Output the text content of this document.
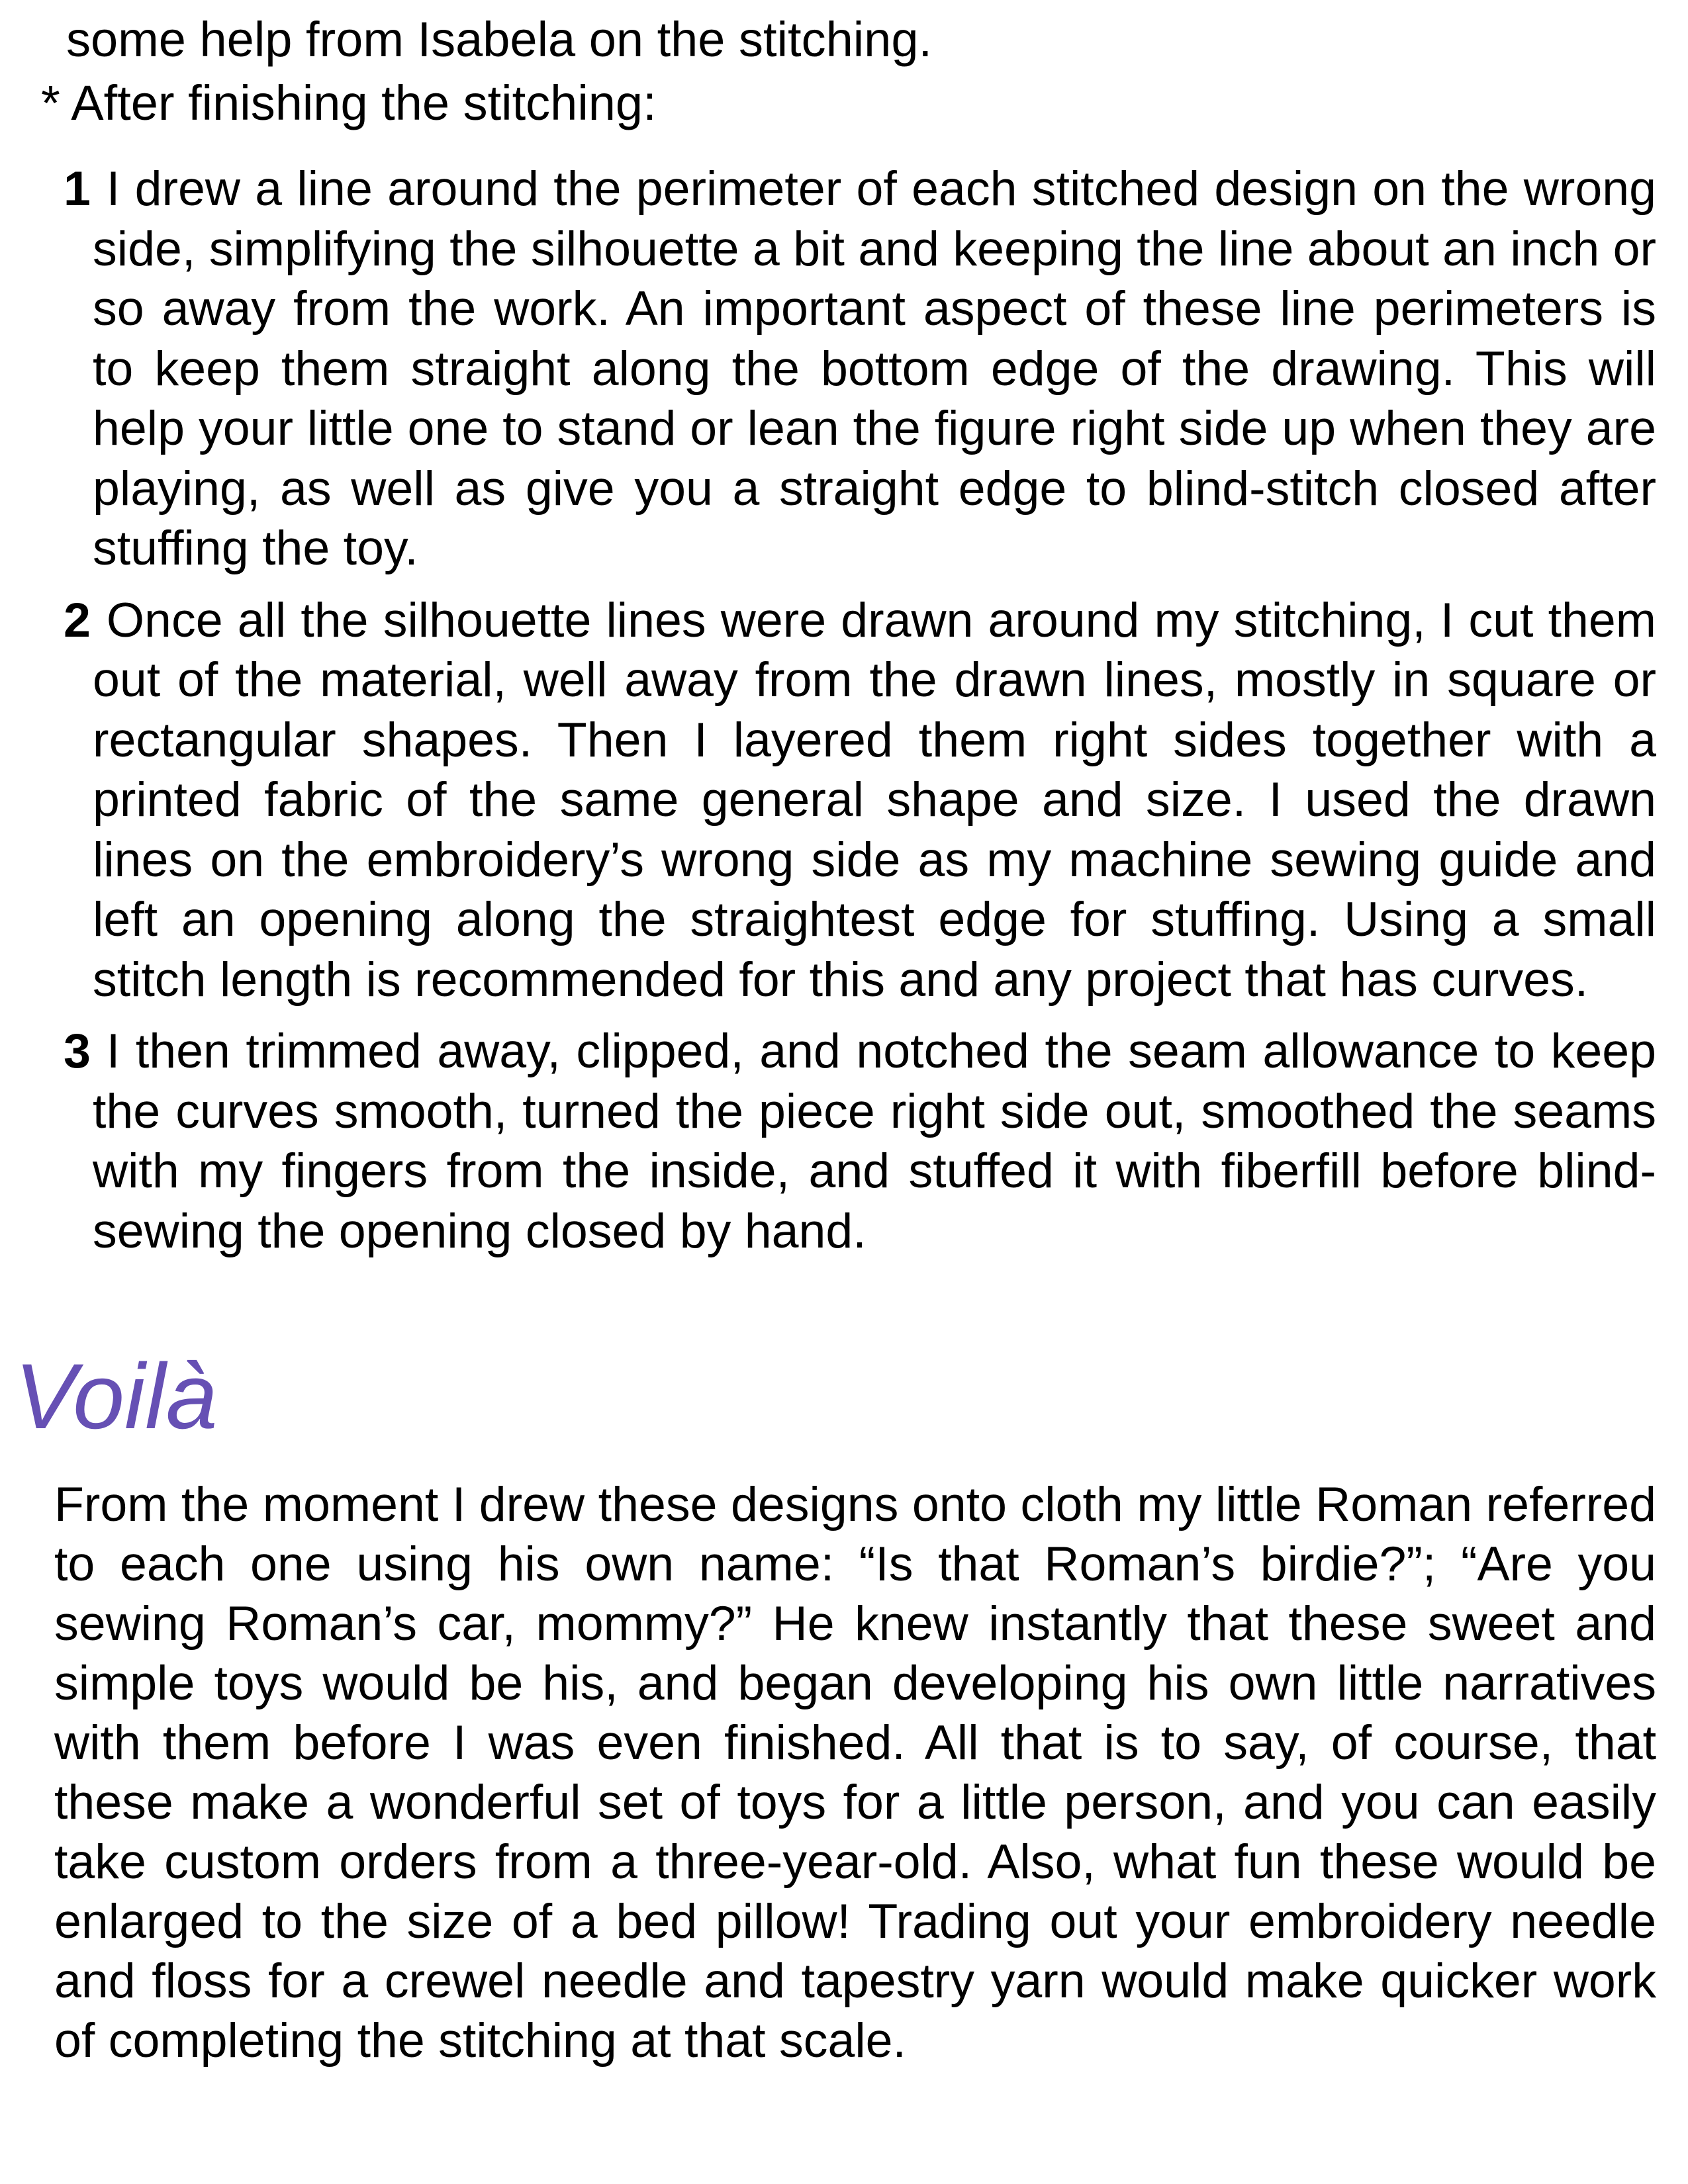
some help from Isabela on the stitching.
* After finishing the stitching:

1 I drew a line around the perimeter of each stitched design on the wrong side, simplifying the silhouette a bit and keeping the line about an inch or so away from the work. An important aspect of these line perimeters is to keep them straight along the bottom edge of the drawing. This will help your little one to stand or lean the figure right side up when they are playing, as well as give you a straight edge to blind-stitch closed after stuffing the toy.

2 Once all the silhouette lines were drawn around my stitching, I cut them out of the material, well away from the drawn lines, mostly in square or rectangular shapes. Then I layered them right sides together with a printed fabric of the same general shape and size. I used the drawn lines on the embroidery’s wrong side as my machine sewing guide and left an opening along the straightest edge for stuffing. Using a small stitch length is recommended for this and any project that has curves.

3 I then trimmed away, clipped, and notched the seam allowance to keep the curves smooth, turned the piece right side out, smoothed the seams with my fingers from the inside, and stuffed it with fiberfill before blind-sewing the opening closed by hand.

Voilà

From the moment I drew these designs onto cloth my little Roman referred to each one using his own name: “Is that Roman’s birdie?”; “Are you sewing Roman’s car, mommy?” He knew instantly that these sweet and simple toys would be his, and began developing his own little narratives with them before I was even finished. All that is to say, of course, that these make a wonderful set of toys for a little person, and you can easily take custom orders from a three-year-old. Also, what fun these would be enlarged to the size of a bed pillow! Trading out your embroidery needle and floss for a crewel needle and tapestry yarn would make quicker work of completing the stitching at that scale.
